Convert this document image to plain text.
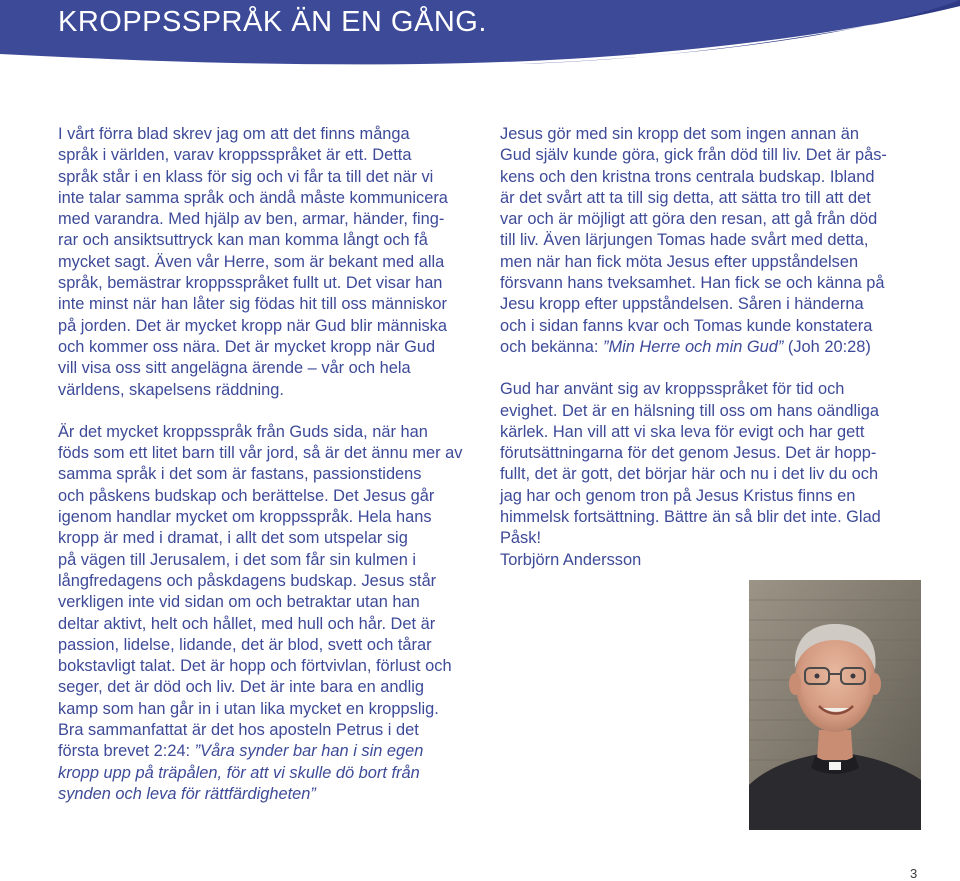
KROPPSSPRÅK ÄN EN GÅNG.

I vårt förra blad skrev jag om att det finns många
språk i världen, varav kroppsspråket är ett. Detta
språk står i en klass för sig och vi får ta till det när vi
inte talar samma språk och ändå måste kommunicera
med varandra. Med hjälp av ben, armar, händer, fing-
rar och ansiktsuttryck kan man komma långt och få
mycket sagt. Även vår Herre, som är bekant med alla
språk, bemästrar kroppsspråket fullt ut. Det visar han
inte minst när han låter sig födas hit till oss människor
på jorden. Det är mycket kropp när Gud blir människa
och kommer oss nära. Det är mycket kropp när Gud
vill visa oss sitt angelägna ärende – vår och hela
världens, skapelsens räddning.

Är det mycket kroppsspråk från Guds sida, när han
föds som ett litet barn till vår jord, så är det ännu mer av
samma språk i det som är fastans, passionstidens
och påskens budskap och berättelse. Det Jesus går
igenom handlar mycket om kroppsspråk. Hela hans
kropp är med i dramat, i allt det som utspelar sig
på vägen till Jerusalem, i det som får sin kulmen i
långfredagens och påskdagens budskap. Jesus står
verkligen inte vid sidan om och betraktar utan han
deltar aktivt, helt och hållet, med hull och hår. Det är
passion, lidelse, lidande, det är blod, svett och tårar
bokstavligt talat. Det är hopp och förtvivlan, förlust och
seger, det är död och liv. Det är inte bara en andlig
kamp som han går in i utan lika mycket en kroppslig.
Bra sammanfattat är det hos aposteln Petrus i det
första brevet 2:24: ”Våra synder bar han i sin egen
kropp upp på träpålen, för att vi skulle dö bort från
synden och leva för rättfärdigheten”

Jesus gör med sin kropp det som ingen annan än
Gud själv kunde göra, gick från död till liv. Det är pås-
kens och den kristna trons centrala budskap. Ibland
är det svårt att ta till sig detta, att sätta tro till att det
var och är möjligt att göra den resan, att gå från död
till liv. Även lärjungen Tomas hade svårt med detta,
men när han fick möta Jesus efter uppståndelsen
försvann hans tveksamhet. Han fick se och känna på
Jesu kropp efter uppståndelsen. Såren i händerna
och i sidan fanns kvar och Tomas kunde konstatera
och bekänna: ”Min Herre och min Gud” (Joh 20:28)

Gud har använt sig av kroppsspråket för tid och
evighet. Det är en hälsning till oss om hans oändliga
kärlek. Han vill att vi ska leva för evigt och har gett
förutsättningarna för det genom Jesus. Det är hopp-
fullt, det är gott, det börjar här och nu i det liv du och
jag har och genom tron på Jesus Kristus finns en
himmelsk fortsättning. Bättre än så blir det inte. Glad
Påsk!

Torbjörn Andersson

3
